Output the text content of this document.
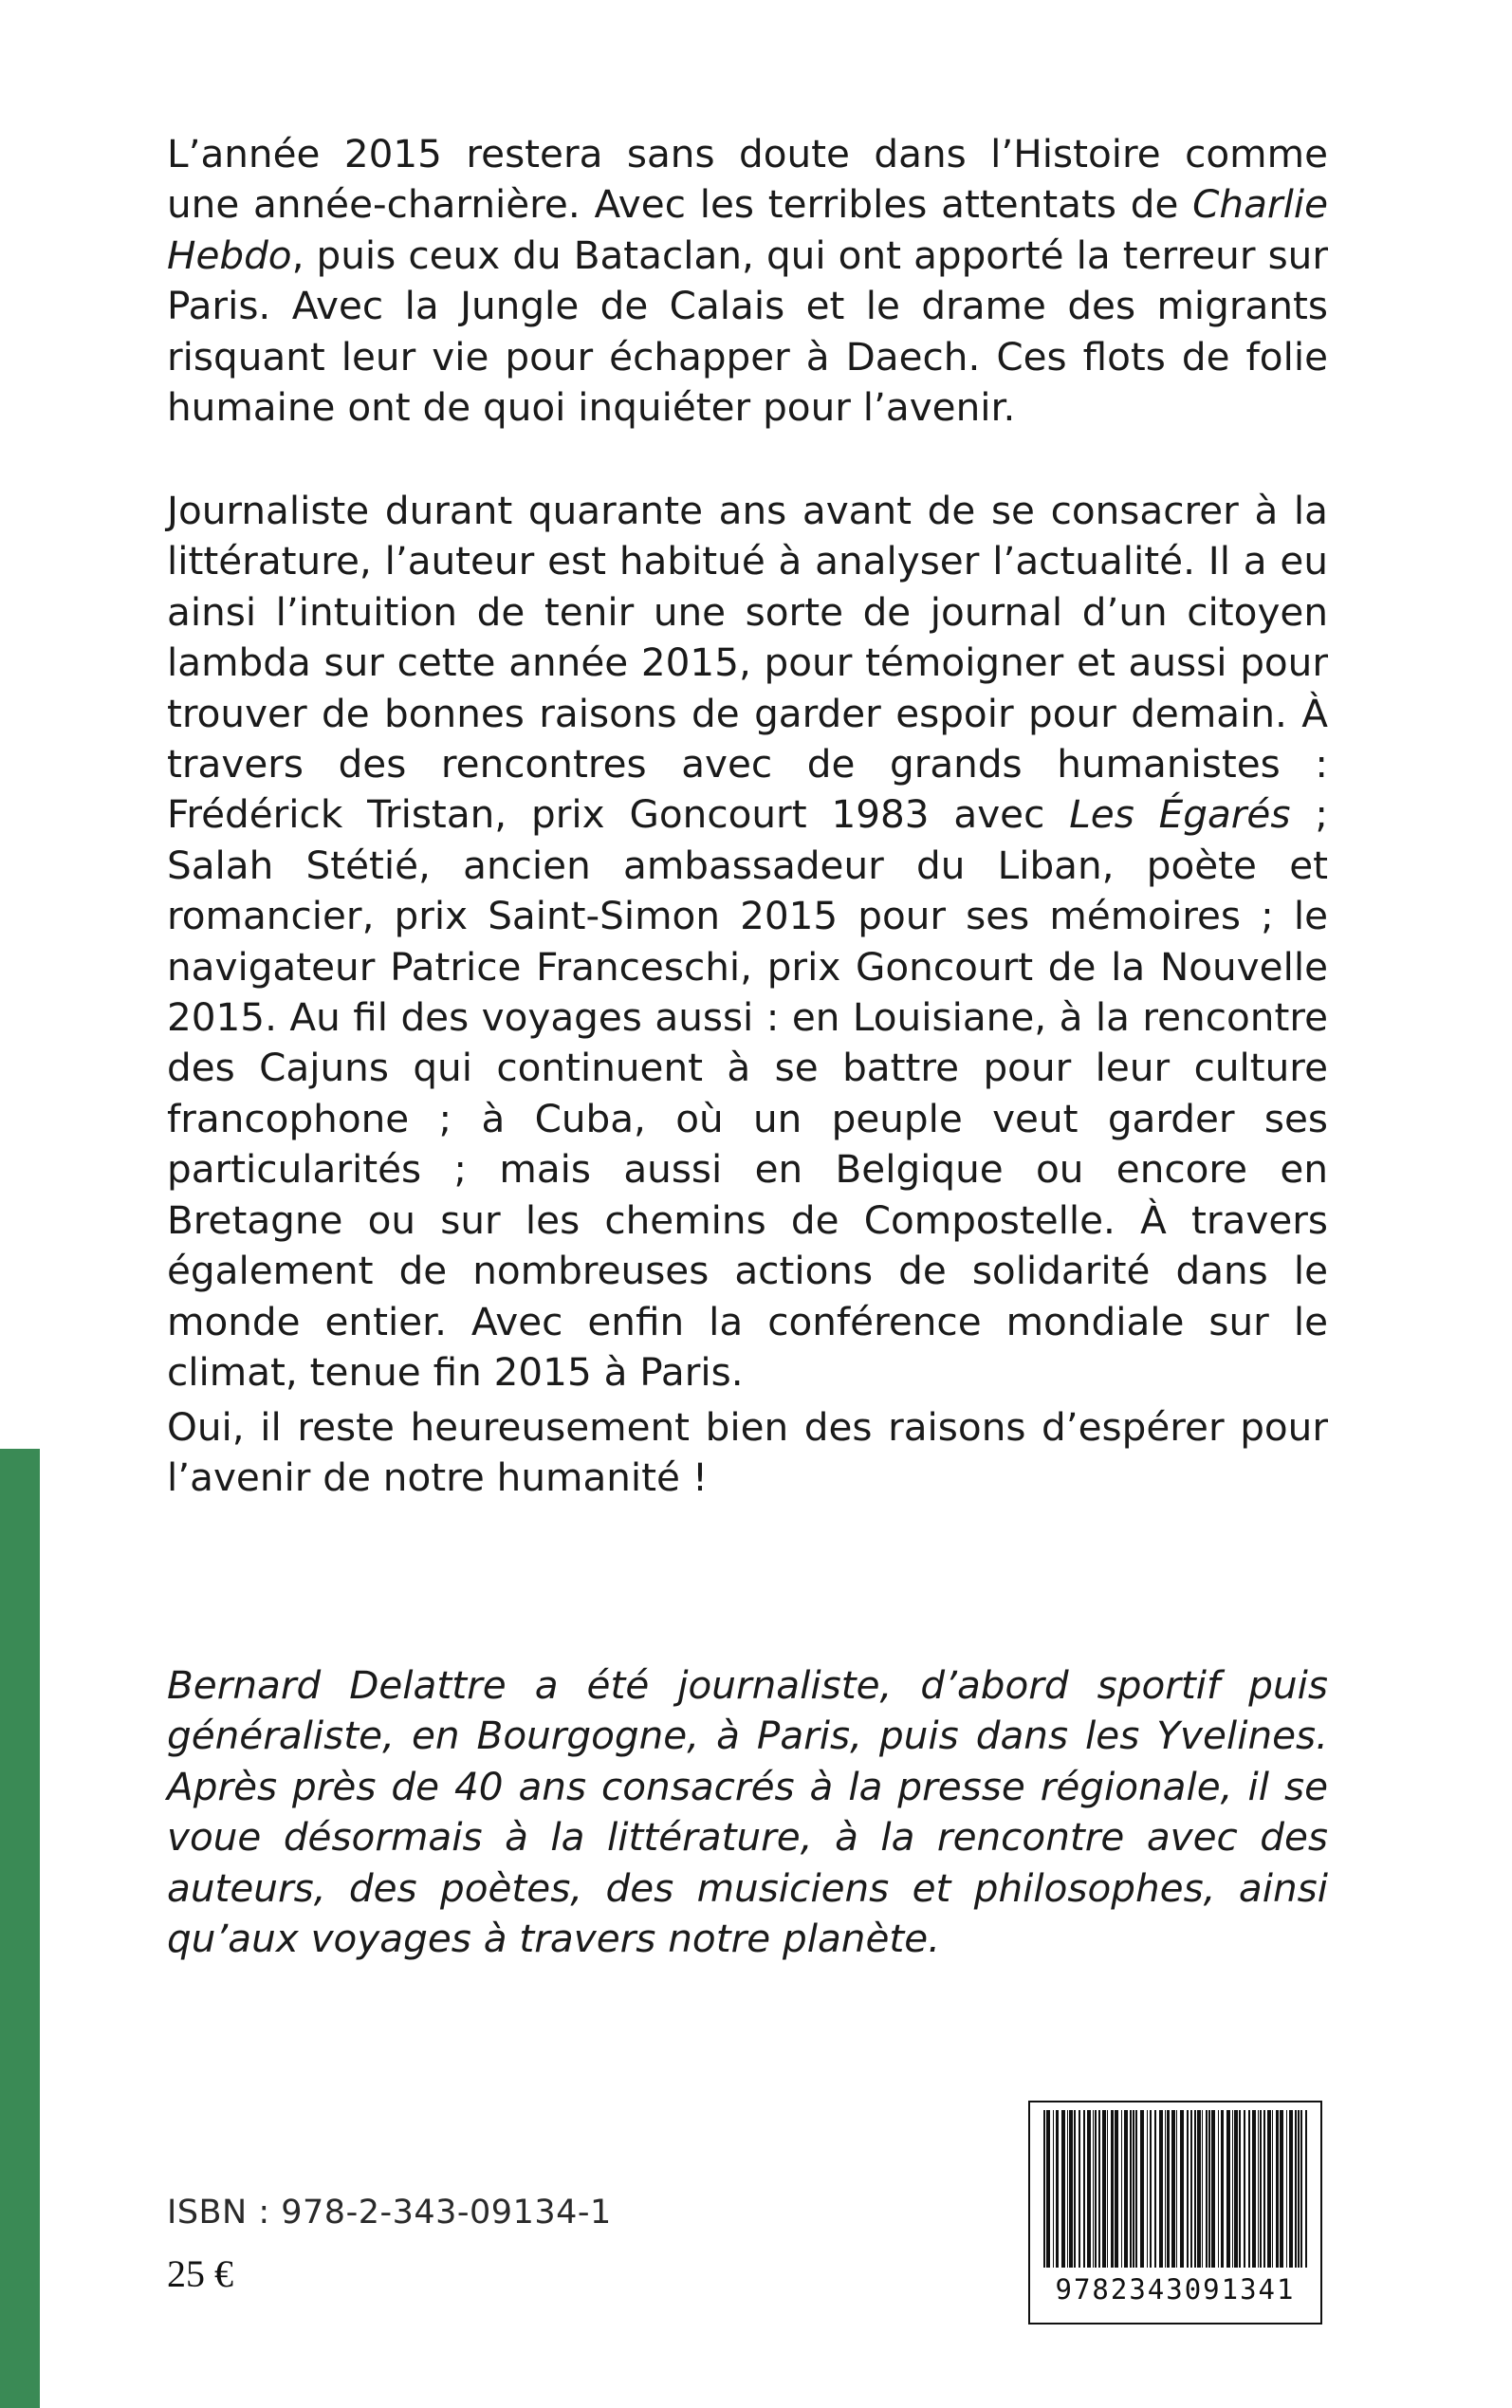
L’année 2015 restera sans doute dans l’Histoire comme une année-charnière. Avec les terribles attentats de Charlie Hebdo, puis ceux du Bataclan, qui ont apporté la terreur sur Paris. Avec la Jungle de Calais et le drame des migrants risquant leur vie pour échapper à Daech. Ces flots de folie humaine ont de quoi inquiéter pour l’avenir.

Journaliste durant quarante ans avant de se consacrer à la littérature, l’auteur est habitué à analyser l’actualité. Il a eu ainsi l’intuition de tenir une sorte de journal d’un citoyen lambda sur cette année 2015, pour témoigner et aussi pour trouver de bonnes raisons de garder espoir pour demain. À travers des rencontres avec de grands humanistes : Frédérick Tristan, prix Goncourt 1983 avec Les Égarés ; Salah Stétié, ancien ambassadeur du Liban, poète et romancier, prix Saint-Simon 2015 pour ses mémoires ; le navigateur Patrice Franceschi, prix Goncourt de la Nouvelle 2015. Au fil des voyages aussi : en Louisiane, à la rencontre des Cajuns qui continuent à se battre pour leur culture francophone ; à Cuba, où un peuple veut garder ses particularités ; mais aussi en Belgique ou encore en Bretagne ou sur les chemins de Compostelle. À travers également de nombreuses actions de solidarité dans le monde entier. Avec enfin la conférence mondiale sur le climat, tenue fin 2015 à Paris.

Oui, il reste heureusement bien des raisons d’espérer pour l’avenir de notre humanité !

Bernard Delattre a été journaliste, d’abord sportif puis généraliste, en Bourgogne, à Paris, puis dans les Yvelines. Après près de 40 ans consacrés à la presse régionale, il se voue désormais à la littérature, à la rencontre avec des auteurs, des poètes, des musiciens et philosophes, ainsi qu’aux voyages à travers notre planète.

ISBN : 978-2-343-09134-1
25 €	9782343091341
